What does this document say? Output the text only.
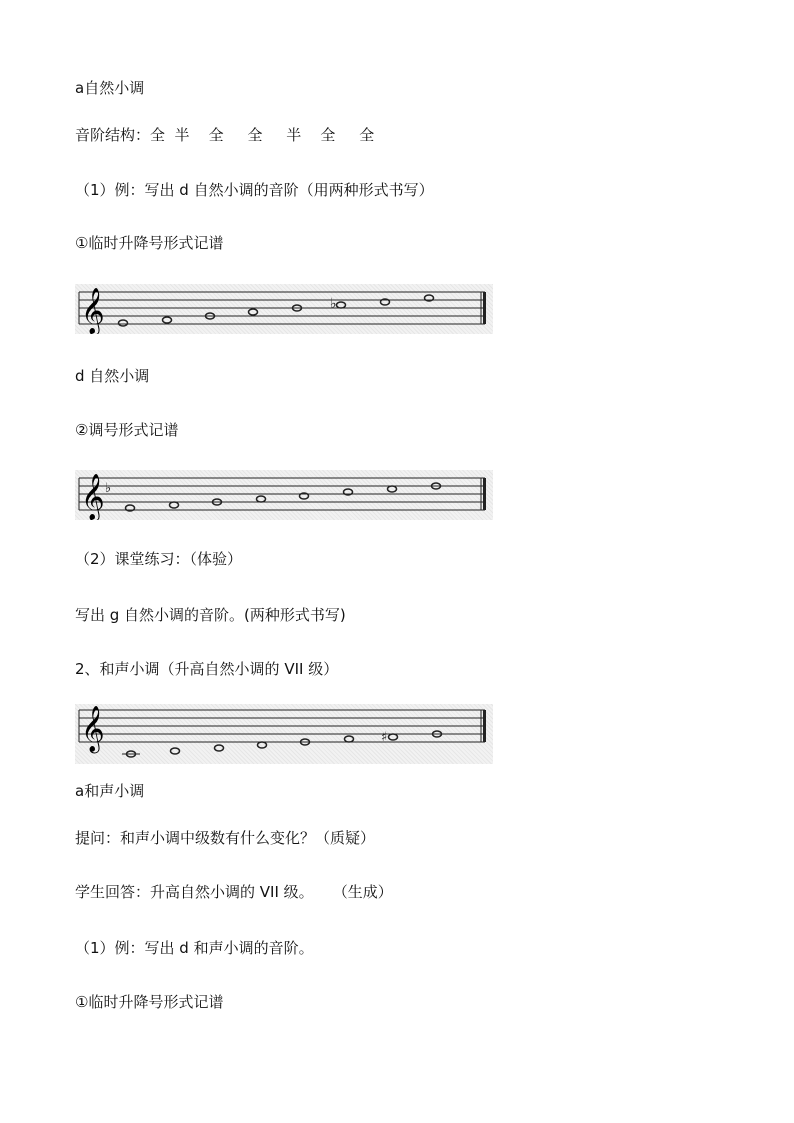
a自然小调
音阶结构：全  半    全     全     半    全     全
（1）例：写出 d 自然小调的音阶（用两种形式书写）
①临时升降号形式记谱
𝄞	♭
d 自然小调
②调号形式记谱
𝄞 ♭
（2）课堂练习：（体验）
写出 g 自然小调的音阶。(两种形式书写)
2、和声小调（升高自然小调的 VII 级）
𝄞	♯
a和声小调
提问：和声小调中级数有什么变化？（质疑）
学生回答：升高自然小调的 VII 级。    （生成）
（1）例：写出 d 和声小调的音阶。
①临时升降号形式记谱
